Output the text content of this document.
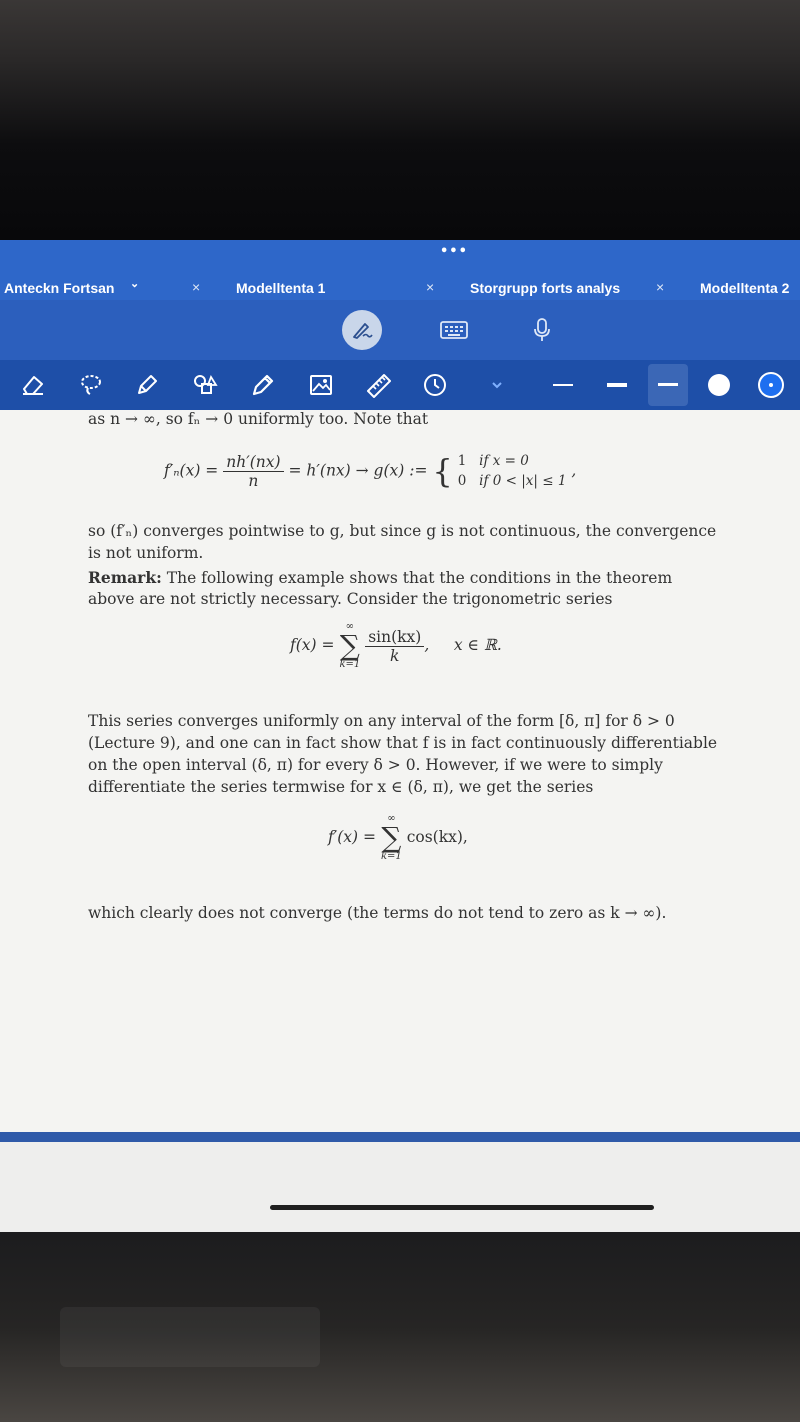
•••
Anteckn Fortsan ⌄	×	Modelltenta 1	×	Storgrupp forts analys	×	Modelltenta 2
as n → ∞, so fₙ → 0 uniformly too. Note that
$f'_n(x) = \frac{nh'(nx)}{n} = h'(nx) \to g(x)$ := { 1 if x = 0
0 if 0 < |x| ≤ 1
,
so (f′ₙ) converges pointwise to g, but since g is not continuous, the convergence
is not uniform.
Remark: The following example shows that the conditions in the theorem
above are not strictly necessary. Consider the trigonometric series
f(x) =
∞
∑
k=1
$\frac{\sin(kx)}{k}$ , x ∈ ℝ.
This series converges uniformly on any interval of the form [δ, π] for δ > 0
(Lecture 9), and one can in fact show that f is in fact continuously differentiable
on the open interval (δ, π) for every δ > 0. However, if we were to simply
differentiate the series termwise for x ∈ (δ, π), we get the series
f′(x) =
∞
∑
k=1
cos(kx),
which clearly does not converge (the terms do not tend to zero as k → ∞).
